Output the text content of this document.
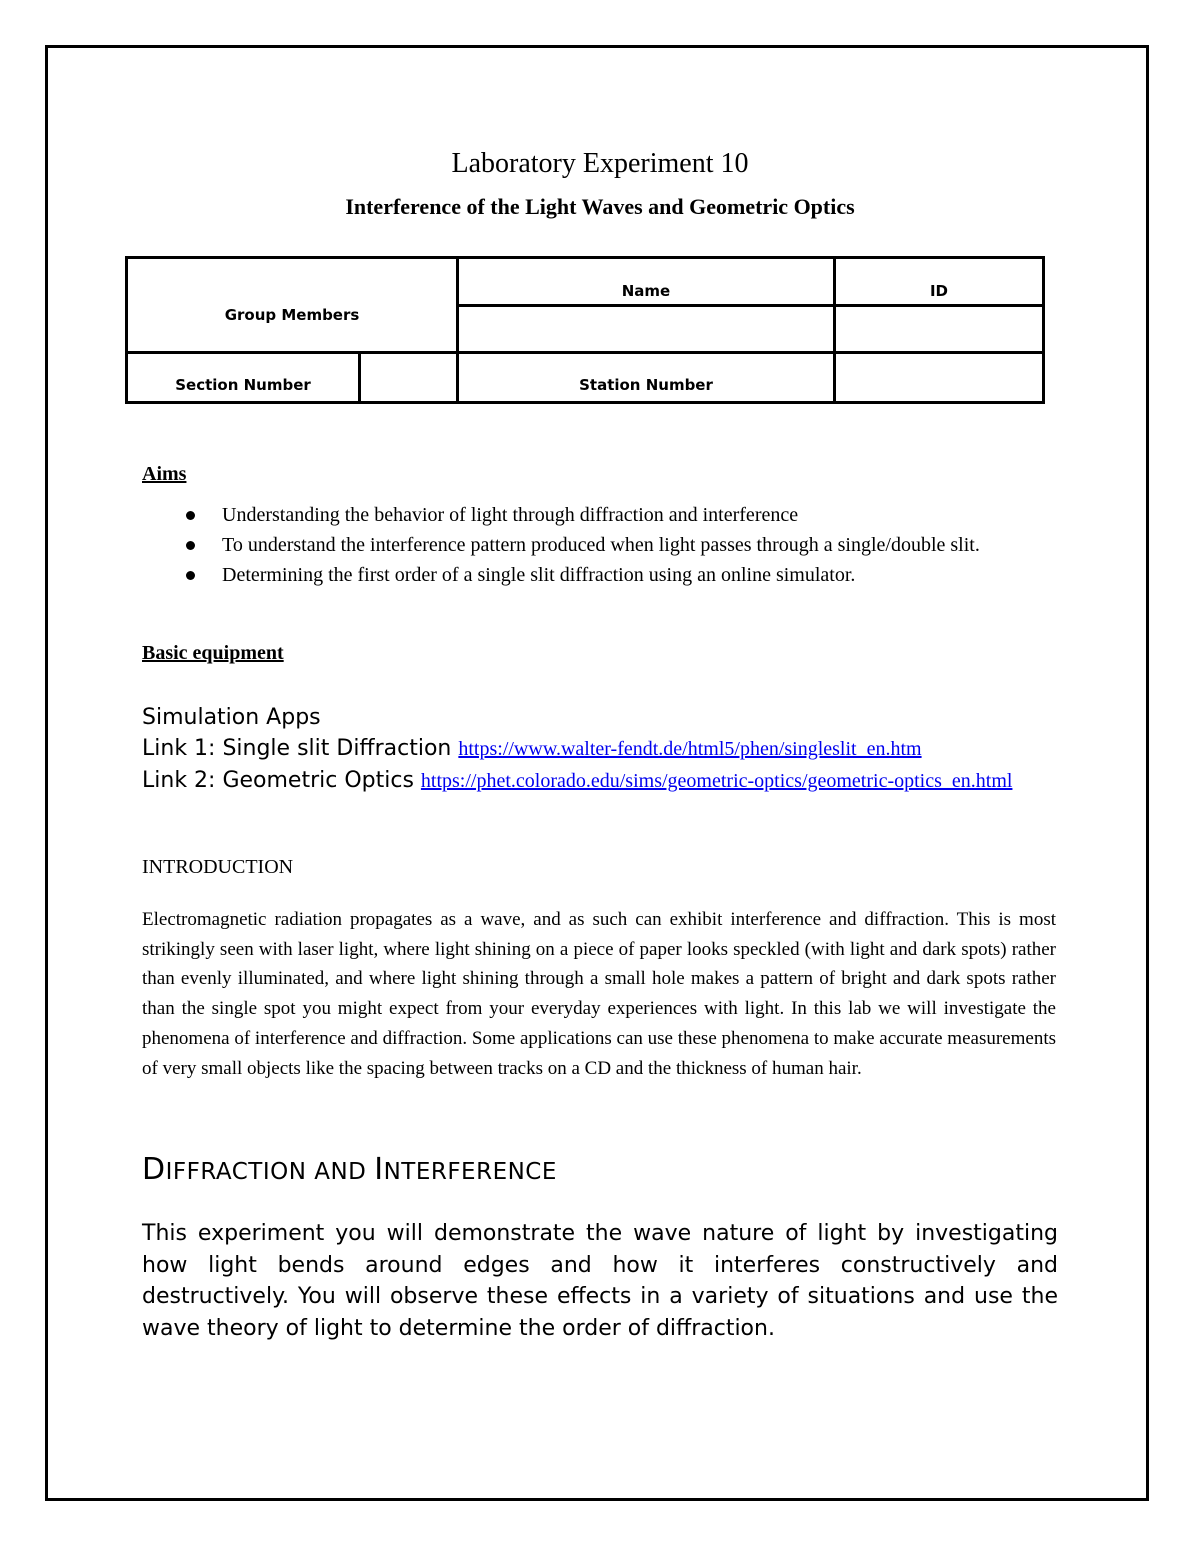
Laboratory Experiment 10
Interference of the Light Waves and Geometric Optics
Group Members
Name	ID
Section Number	Station Number
Aims
Understanding the behavior of light through diffraction and interference
To understand the interference pattern produced when light passes through a single/double slit.
Determining the first order of a single slit diffraction using an online simulator.
Basic equipment
Simulation Apps
Link 1: Single slit Diffraction https://www.walter-fendt.de/html5/phen/singleslit_en.htm
Link 2: Geometric Optics https://phet.colorado.edu/sims/geometric-optics/geometric-optics_en.html
INTRODUCTION
Electromagnetic radiation propagates as a wave, and as such can exhibit interference and diffraction. This is most strikingly seen with laser light, where light shining on a piece of paper looks speckled (with light and dark spots) rather than evenly illuminated, and where light shining through a small hole makes a pattern of bright and dark spots rather than the single spot you might expect from your everyday experiences with light. In this lab we will investigate the phenomena of interference and diffraction. Some applications can use these phenomena to make accurate measurements of very small objects like the spacing between tracks on a CD and the thickness of human hair.
DIFFRACTION AND INTERFERENCE
This experiment you will demonstrate the wave nature of light by investigating how light bends around edges and how it interferes constructively and destructively. You will observe these effects in a variety of situations and use the wave theory of light to determine the order of diffraction.
